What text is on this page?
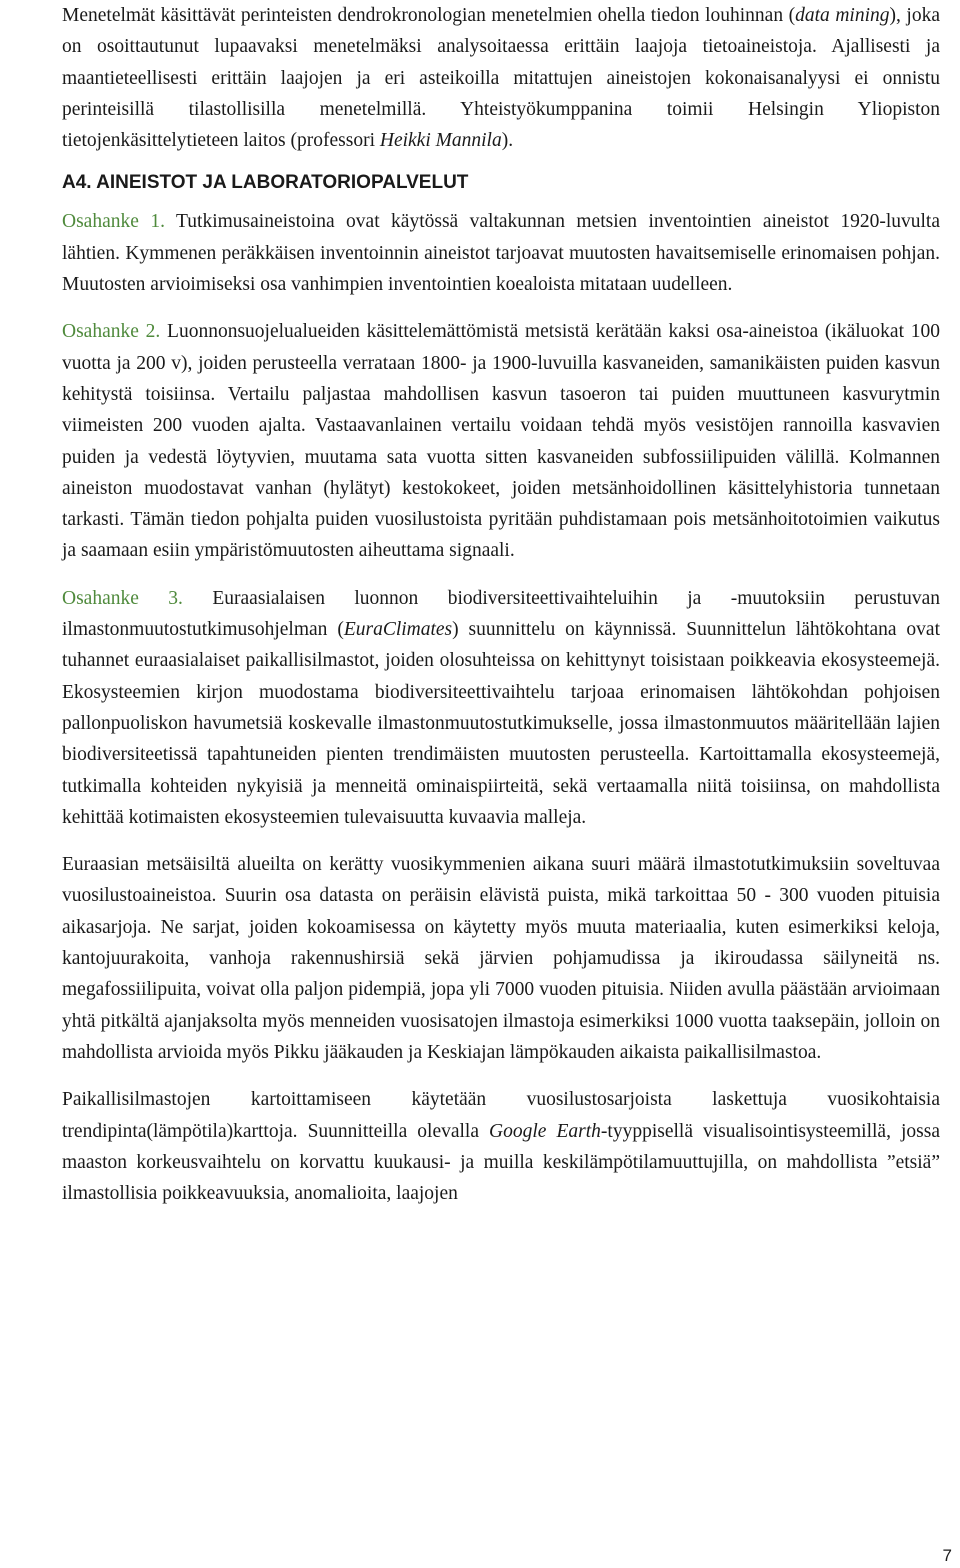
Menetelmät käsittävät perinteisten dendrokronologian menetelmien ohella tiedon louhinnan (data mining), joka on osoittautunut lupaavaksi menetelmäksi analysoitaessa erittäin laajoja tietoaineistoja. Ajallisesti ja maantieteellisesti erittäin laajojen ja eri asteikoilla mitattujen aineistojen kokonaisanalyysi ei onnistu perinteisillä tilastollisilla menetelmillä. Yhteistyökumppanina toimii Helsingin Yliopiston tietojenkäsittelytieteen laitos (professori Heikki Mannila).

A4. AINEISTOT JA LABORATORIOPALVELUT

Osahanke 1. Tutkimusaineistoina ovat käytössä valtakunnan metsien inventointien aineistot 1920-luvulta lähtien. Kymmenen peräkkäisen inventoinnin aineistot tarjoavat muutosten havaitsemiselle erinomaisen pohjan. Muutosten arvioimiseksi osa vanhimpien inventointien koealoista mitataan uudelleen.

Osahanke 2. Luonnonsuojelualueiden käsittelemättömistä metsistä kerätään kaksi osa-aineistoa (ikäluokat 100 vuotta ja 200 v), joiden perusteella verrataan 1800- ja 1900-luvuilla kasvaneiden, samanikäisten puiden kasvun kehitystä toisiinsa. Vertailu paljastaa mahdollisen kasvun tasoeron tai puiden muuttuneen kasvurytmin viimeisten 200 vuoden ajalta. Vastaavanlainen vertailu voidaan tehdä myös vesistöjen rannoilla kasvavien puiden ja vedestä löytyvien, muutama sata vuotta sitten kasvaneiden subfossiilipuiden välillä. Kolmannen aineiston muodostavat vanhan (hylätyt) kestokokeet, joiden metsänhoidollinen käsittelyhistoria tunnetaan tarkasti. Tämän tiedon pohjalta puiden vuosilustoista pyritään puhdistamaan pois metsänhoitotoimien vaikutus ja saamaan esiin ympäristömuutosten aiheuttama signaali.

Osahanke 3. Euraasialaisen luonnon biodiversiteettivaihteluihin ja -muutoksiin perustuvan ilmastonmuutostutkimusohjelman (EuraClimates) suunnittelu on käynnissä. Suunnittelun lähtökohtana ovat tuhannet euraasialaiset paikallisilmastot, joiden olosuhteissa on kehittynyt toisistaan poikkeavia ekosysteemejä. Ekosysteemien kirjon muodostama biodiversiteettivaihtelu tarjoaa erinomaisen lähtökohdan pohjoisen pallonpuoliskon havumetsiä koskevalle ilmastonmuutostutkimukselle, jossa ilmastonmuutos määritellään lajien biodiversiteetissä tapahtuneiden pienten trendimäisten muutosten perusteella. Kartoittamalla ekosysteemejä, tutkimalla kohteiden nykyisiä ja menneitä ominaispiirteitä, sekä vertaamalla niitä toisiinsa, on mahdollista kehittää kotimaisten ekosysteemien tulevaisuutta kuvaavia malleja.

Euraasian metsäisiltä alueilta on kerätty vuosikymmenien aikana suuri määrä ilmastotutkimuksiin soveltuvaa vuosilustoaineistoa. Suurin osa datasta on peräisin elävistä puista, mikä tarkoittaa 50 - 300 vuoden pituisia aikasarjoja. Ne sarjat, joiden kokoamisessa on käytetty myös muuta materiaalia, kuten esimerkiksi keloja, kantojuurakoita, vanhoja rakennushirsiä sekä järvien pohjamudissa ja ikiroudassa säilyneitä ns. megafossiilipuita, voivat olla paljon pidempiä, jopa yli 7000 vuoden pituisia. Niiden avulla päästään arvioimaan yhtä pitkältä ajanjaksolta myös menneiden vuosisatojen ilmastoja esimerkiksi 1000 vuotta taaksepäin, jolloin on mahdollista arvioida myös Pikku jääkauden ja Keskiajan lämpökauden aikaista paikallisilmastoa.

Paikallisilmastojen kartoittamiseen käytetään vuosilustosarjoista laskettuja vuosikohtaisia trendipinta(lämpötila)karttoja. Suunnitteilla olevalla Google Earth-tyyppisellä visualisointisysteemillä, jossa maaston korkeusvaihtelu on korvattu kuukausi- ja muilla keskilämpötilamuuttujilla, on mahdollista ”etsiä” ilmastollisia poikkeavuuksia, anomalioita, laajojen

7
